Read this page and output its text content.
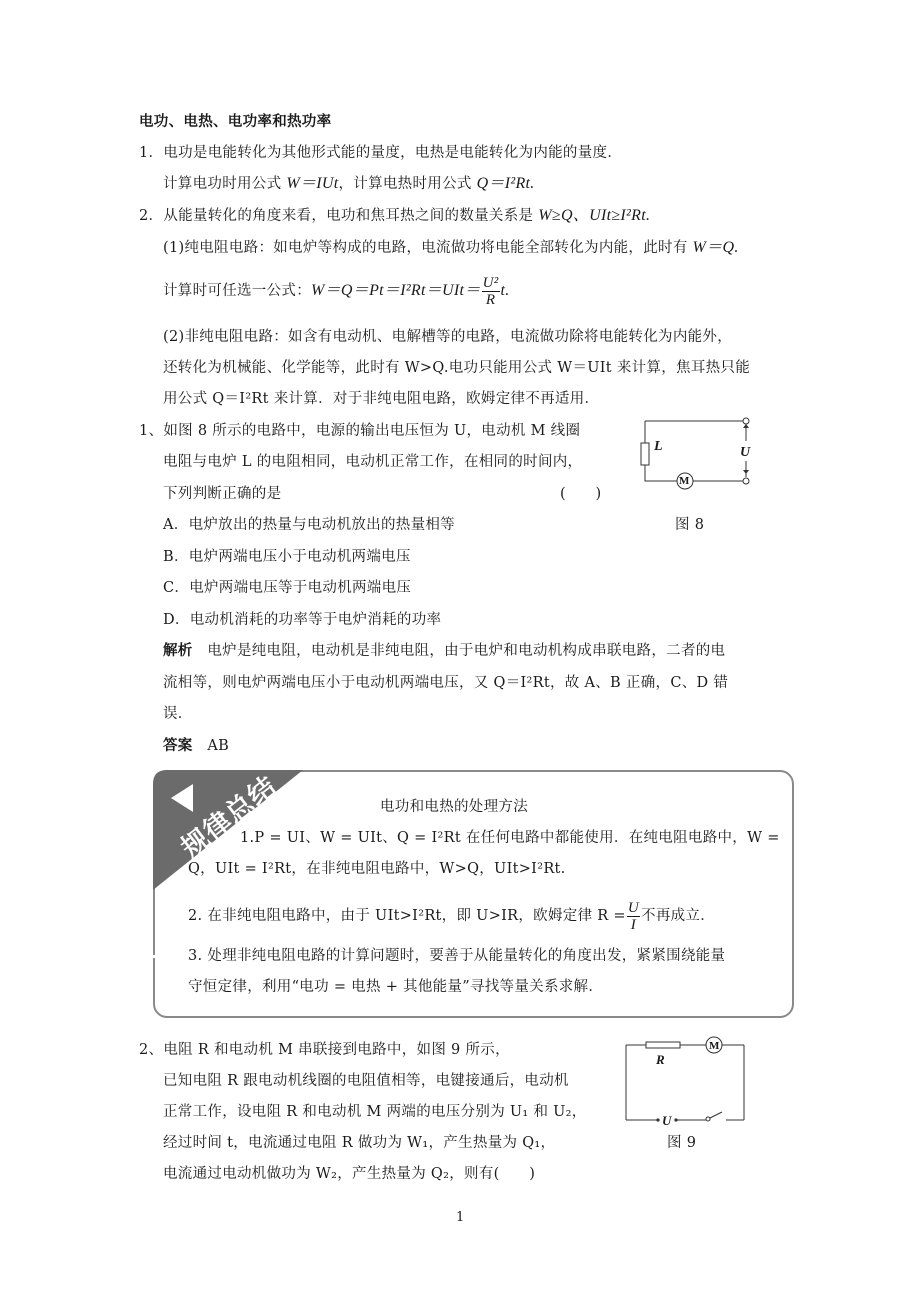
电功、电热、电功率和热功率
1．电功是电能转化为其他形式能的量度，电热是电能转化为内能的量度．
计算电功时用公式 W＝IUt，计算电热时用公式 Q＝I²Rt.
2．从能量转化的角度来看，电功和焦耳热之间的数量关系是 W≥Q、UIt≥I²Rt.
(1)纯电阻电路：如电炉等构成的电路，电流做功将电能全部转化为内能，此时有 W＝Q.
计算时可任选一公式：$W=Q=Pt=I^2Rt=UIt= \frac{\text{U²}}{R} t$.
(2)非纯电阻电路：如含有电动机、电解槽等的电路，电流做功除将电能转化为内能外，
还转化为机械能、化学能等，此时有 W>Q.电功只能用公式 W＝UIt 来计算，焦耳热只能
用公式 Q＝I²Rt 来计算．对于非纯电阻电路，欧姆定律不再适用．
1、如图 8 所示的电路中，电源的输出电压恒为 U，电动机 M 线圈
电阻与电炉 L 的电阻相同，电动机正常工作，在相同的时间内，
下列判断正确的是	(　　)
A．电炉放出的热量与电动机放出的热量相等
B．电炉两端电压小于电动机两端电压
C．电炉两端电压等于电动机两端电压
D．电动机消耗的功率等于电炉消耗的功率
L	U
M
图 8
解析 电炉是纯电阻，电动机是非纯电阻，由于电炉和电动机构成串联电路，二者的电
流相等，则电炉两端电压小于电动机两端电压，又 Q＝I²Rt，故 A、B 正确，C、D 错
误．
答案 AB
规律总结	电功和电热的处理方法
1.P = UI、W = UIt、Q = I²Rt 在任何电路中都能使用．在纯电阻电路中，W =
Q，UIt = I²Rt，在非纯电阻电路中，W>Q，UIt>I²Rt.
2. 在非纯电阻电路中，由于 UIt>I²Rt，即 U>IR，欧姆定律 $R = \frac{U}{I}$ 不再成立．
3. 处理非纯电阻电路的计算问题时，要善于从能量转化的角度出发，紧紧围绕能量
守恒定律，利用“电功 = 电热 + 其他能量”寻找等量关系求解．
2、电阻 R 和电动机 M 串联接到电路中，如图 9 所示，
已知电阻 R 跟电动机线圈的电阻值相等，电键接通后，电动机
正常工作，设电阻 R 和电动机 M 两端的电压分别为 U₁ 和 U₂，
经过时间 t，电流通过电阻 R 做功为 W₁，产生热量为 Q₁，
电流通过电动机做功为 W₂，产生热量为 Q₂，则有(　　)
R
M
U
图 9
1
